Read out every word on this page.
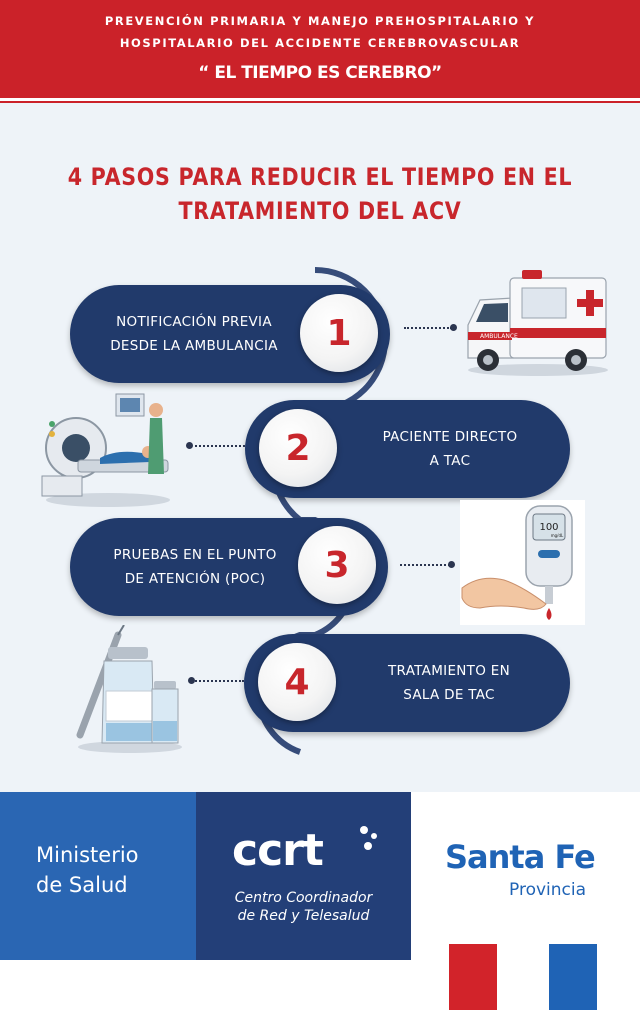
PREVENCIÓN PRIMARIA Y MANEJO PREHOSPITALARIO Y
HOSPITALARIO DEL ACCIDENTE CEREBROVASCULAR
“ EL TIEMPO ES CEREBRO”
4 PASOS PARA REDUCIR EL TIEMPO EN EL
TRATAMIENTO DEL ACV
NOTIFICACIÓN PREVIA
DESDE LA AMBULANCIA	1	AMBULANCE
PACIENTE DIRECTO
A TAC
2
PRUEBAS EN EL PUNTO
DE ATENCIÓN (POC)	3
100
mg/dL
TRATAMIENTO EN
SALA DE TAC
4
Ministerio
de Salud
ccrt
Centro Coordinador
de Red y Telesalud
Santa Fe
Provincia
